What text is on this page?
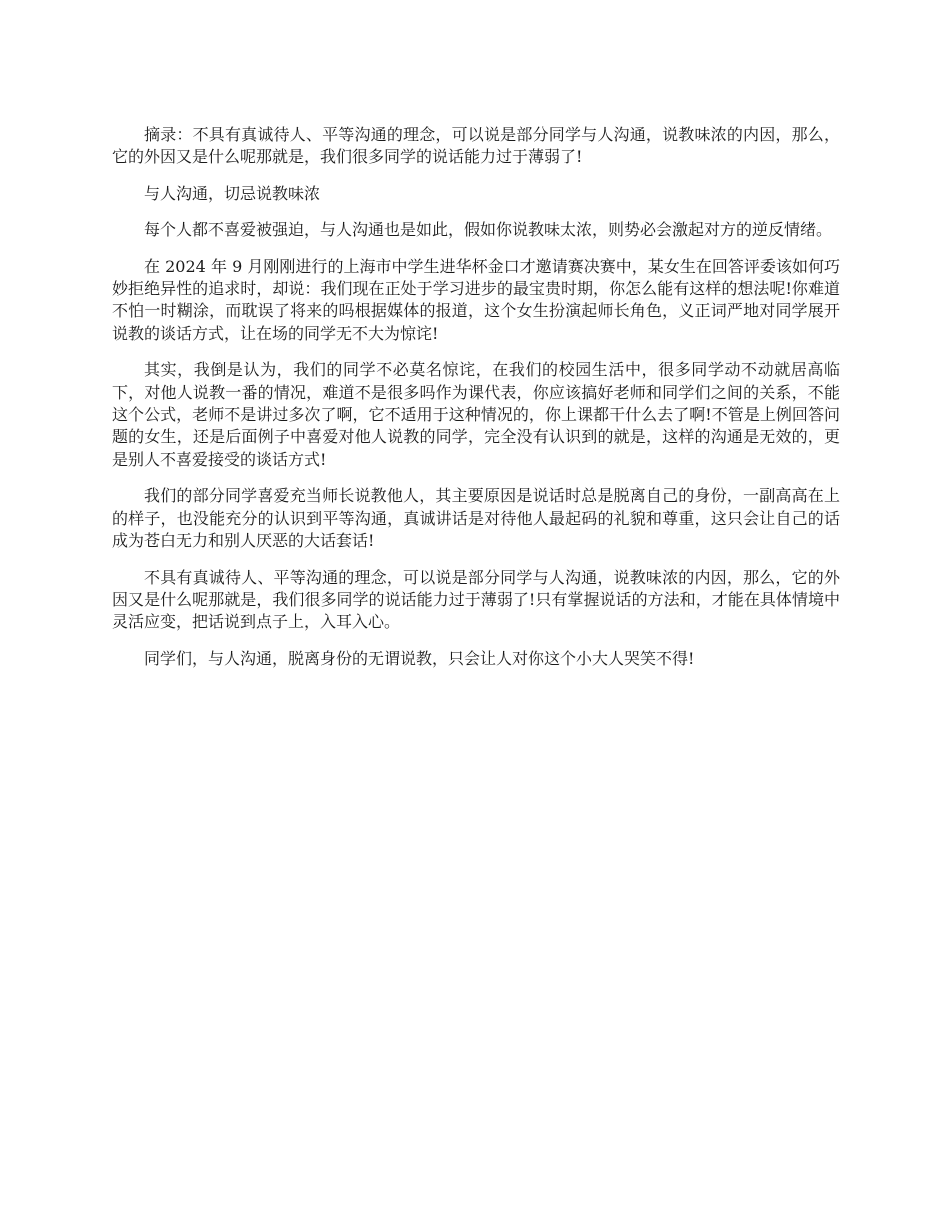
摘录：不具有真诚待人、平等沟通的理念，可以说是部分同学与人沟通，说教味浓的内因，那么，它的外因又是什么呢那就是，我们很多同学的说话能力过于薄弱了!

与人沟通，切忌说教味浓

每个人都不喜爱被强迫，与人沟通也是如此，假如你说教味太浓，则势必会激起对方的逆反情绪。

在 2024 年 9 月刚刚进行的上海市中学生进华杯金口才邀请赛决赛中，某女生在回答评委该如何巧妙拒绝异性的追求时，却说：我们现在正处于学习进步的最宝贵时期，你怎么能有这样的想法呢!你难道不怕一时糊涂，而耽误了将来的吗根据媒体的报道，这个女生扮演起师长角色，义正词严地对同学展开说教的谈话方式，让在场的同学无不大为惊诧!

其实，我倒是认为，我们的同学不必莫名惊诧，在我们的校园生活中，很多同学动不动就居高临下，对他人说教一番的情况，难道不是很多吗作为课代表，你应该搞好老师和同学们之间的关系，不能这个公式，老师不是讲过多次了啊，它不适用于这种情况的，你上课都干什么去了啊!不管是上例回答问题的女生，还是后面例子中喜爱对他人说教的同学，完全没有认识到的就是，这样的沟通是无效的，更是别人不喜爱接受的谈话方式!

我们的部分同学喜爱充当师长说教他人，其主要原因是说话时总是脱离自己的身份，一副高高在上的样子，也没能充分的认识到平等沟通，真诚讲话是对待他人最起码的礼貌和尊重，这只会让自己的话成为苍白无力和别人厌恶的大话套话!

不具有真诚待人、平等沟通的理念，可以说是部分同学与人沟通，说教味浓的内因，那么，它的外因又是什么呢那就是，我们很多同学的说话能力过于薄弱了!只有掌握说话的方法和，才能在具体情境中灵活应变，把话说到点子上，入耳入心。

同学们，与人沟通，脱离身份的无谓说教，只会让人对你这个小大人哭笑不得!
